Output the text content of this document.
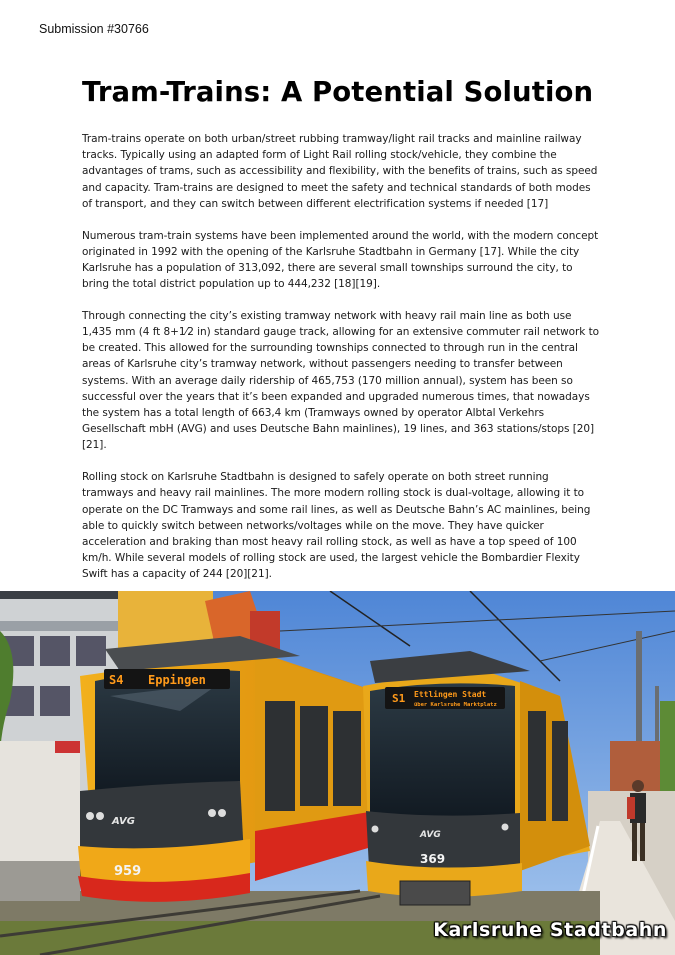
Submission #30766
Tram-Trains: A Potential Solution

Tram-trains operate on both urban/street rubbing tramway/light rail tracks and mainline railway tracks. Typically using an adapted form of Light Rail rolling stock/vehicle, they combine the advantages of trams, such as accessibility and flexibility, with the benefits of trains, such as speed and capacity. Tram-trains are designed to meet the safety and technical standards of both modes of transport, and they can switch between different electrification systems if needed [17]

Numerous tram-train systems have been implemented around the world, with the modern concept originated in 1992 with the opening of the Karlsruhe Stadtbahn in Germany [17]. While the city Karlsruhe has a population of 313,092, there are several small townships surround the city, to bring the total district population up to 444,232 [18][19].

Through connecting the city’s existing tramway network with heavy rail main line as both use 1,435 mm (4 ft 8+1⁄2 in) standard gauge track, allowing for an extensive commuter rail network to be created. This allowed for the surrounding townships connected to through run in the central areas of Karlsruhe city’s tramway network, without passengers needing to transfer between systems. With an average daily ridership of 465,753 (170 million annual), system has been so successful over the years that it’s been expanded and upgraded numerous times, that nowadays the system has a total length of 663,4 km (Tramways owned by operator Albtal Verkehrs Gesellschaft mbH (AVG) and uses Deutsche Bahn mainlines), 19 lines, and 363 stations/stops [20][21].

Rolling stock on Karlsruhe Stadtbahn is designed to safely operate on both street running tramways and heavy rail mainlines. The more modern rolling stock is dual-voltage, allowing it to operate on the DC Tramways and some rail lines, as well as Deutsche Bahn’s AC mainlines, being able to quickly switch between networks/voltages while on the move. They have quicker acceleration and braking than most heavy rail rolling stock, as well as have a top speed of 100 km/h. While several models of rolling stock are used, the largest vehicle the Bombardier Flexity Swift has a capacity of 244 [20][21].

S4 Eppingen
AVG
959
S1 Ettlingen Stadt
über Karlsruhe Marktplatz
AVG
369
Karlsruhe Stadtbahn
